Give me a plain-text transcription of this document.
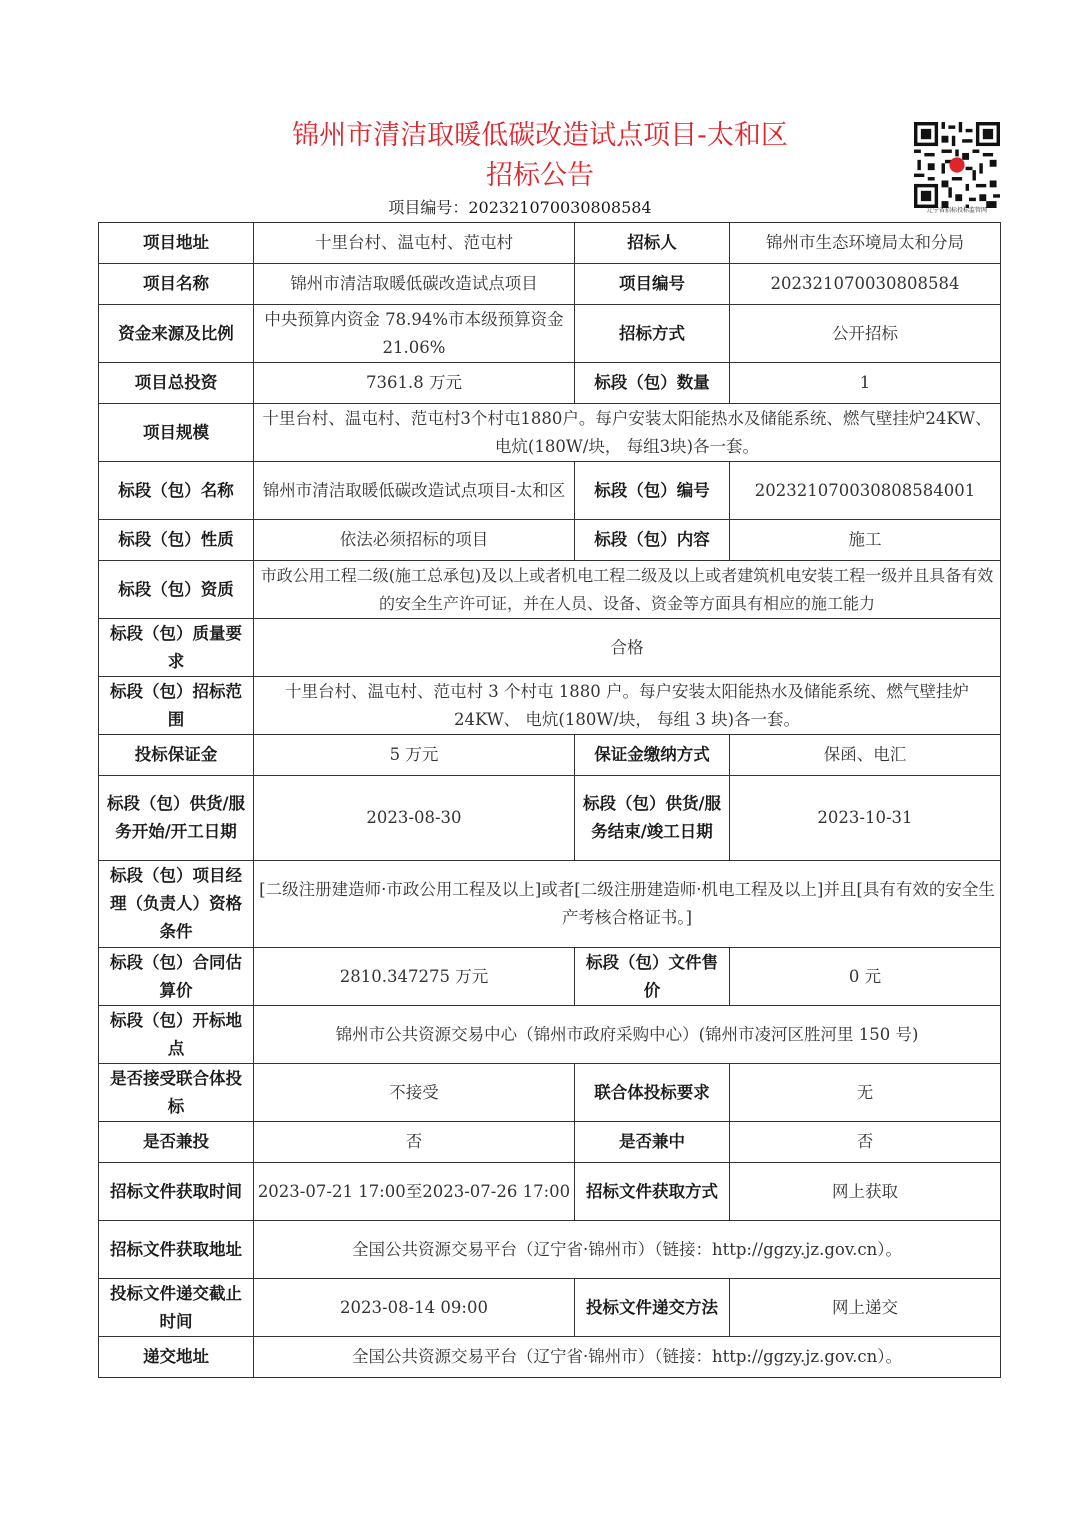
锦州市清洁取暖低碳改造试点项目-太和区
招标公告
项目编号：202321070030808584	辽宁省招标投标监管网
项目地址	十里台村、温屯村、范屯村	招标人	锦州市生态环境局太和分局
项目名称	锦州市清洁取暖低碳改造试点项目	项目编号	202321070030808584
资金来源及比例	中央预算内资金 78.94%市本级预算资金 21.06%	招标方式	公开招标
项目总投资	7361.8 万元	标段（包）数量	1
项目规模	十里台村、温屯村、范屯村3个村屯1880户。每户安装太阳能热水及储能系统、燃气壁挂炉24KW、 电炕(180W/块， 每组3块)各一套。		
标段（包）名称	锦州市清洁取暖低碳改造试点项目-太和区	标段（包）编号	202321070030808584001
标段（包）性质	依法必须招标的项目	标段（包）内容	施工
标段（包）资质	市政公用工程二级(施工总承包)及以上或者机电工程二级及以上或者建筑机电安装工程一级并且具备有效的安全生产许可证，并在人员、设备、资金等方面具有相应的施工能力		
标段（包）质量要求	合格		
标段（包）招标范围	十里台村、温屯村、范屯村 3 个村屯 1880 户。每户安装太阳能热水及储能系统、燃气壁挂炉 24KW、 电炕(180W/块， 每组 3 块)各一套。		
投标保证金	5 万元	保证金缴纳方式	保函、电汇
标段（包）供货/服务开始/开工日期	2023-08-30	标段（包）供货/服务结束/竣工日期	2023-10-31
标段（包）项目经理（负责人）资格条件	[二级注册建造师·市政公用工程及以上]或者[二级注册建造师·机电工程及以上]并且[具有有效的安全生产考核合格证书。]		
标段（包）合同估算价	2810.347275 万元	标段（包）文件售价	0 元
标段（包）开标地点	锦州市公共资源交易中心（锦州市政府采购中心）(锦州市凌河区胜河里 150 号)		
是否接受联合体投标	不接受	联合体投标要求	无
是否兼投	否	是否兼中	否
招标文件获取时间	2023-07-21 17:00至2023-07-26 17:00	招标文件获取方式	网上获取
招标文件获取地址	全国公共资源交易平台（辽宁省·锦州市）（链接：http://ggzy.jz.gov.cn）。		
投标文件递交截止时间	2023-08-14 09:00	投标文件递交方法	网上递交
递交地址	全国公共资源交易平台（辽宁省·锦州市）（链接：http://ggzy.jz.gov.cn）。		
